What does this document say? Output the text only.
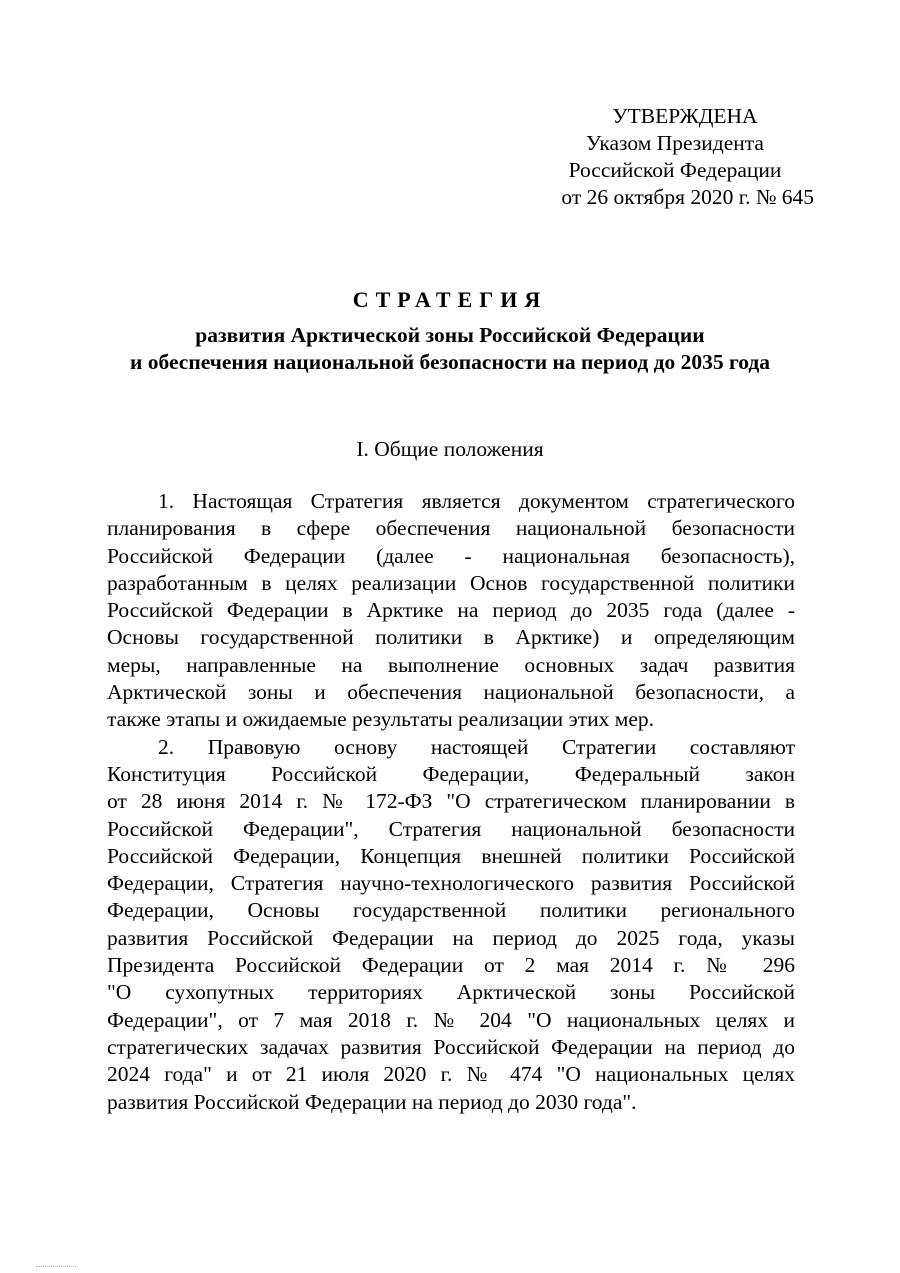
УТВЕРЖДЕНА
Указом Президента
Российской Федерации
от 26 октября 2020 г. № 645
СТРАТЕГИЯ
развития Арктической зоны Российской Федерации
и обеспечения национальной безопасности на период до 2035 года
I. Общие положения
1. Настоящая Стратегия является документом стратегического
планирования в сфере обеспечения национальной безопасности
Российской Федерации (далее - национальная безопасность),
разработанным в целях реализации Основ государственной политики
Российской Федерации в Арктике на период до 2035 года (далее -
Основы государственной политики в Арктике) и определяющим
меры, направленные на выполнение основных задач развития
Арктической зоны и обеспечения национальной безопасности, а
также этапы и ожидаемые результаты реализации этих мер.
2. Правовую основу настоящей Стратегии составляют
Конституция Российской Федерации, Федеральный закон
от 28 июня 2014 г. № 172-ФЗ "О стратегическом планировании в
Российской Федерации", Стратегия национальной безопасности
Российской Федерации, Концепция внешней политики Российской
Федерации, Стратегия научно-технологического развития Российской
Федерации, Основы государственной политики регионального
развития Российской Федерации на период до 2025 года, указы
Президента Российской Федерации от 2 мая 2014 г. № 296
"О сухопутных территориях Арктической зоны Российской
Федерации", от 7 мая 2018 г. № 204 "О национальных целях и
стратегических задачах развития Российской Федерации на период до
2024 года" и от 21 июля 2020 г. № 474 "О национальных целях
развития Российской Федерации на период до 2030 года".
